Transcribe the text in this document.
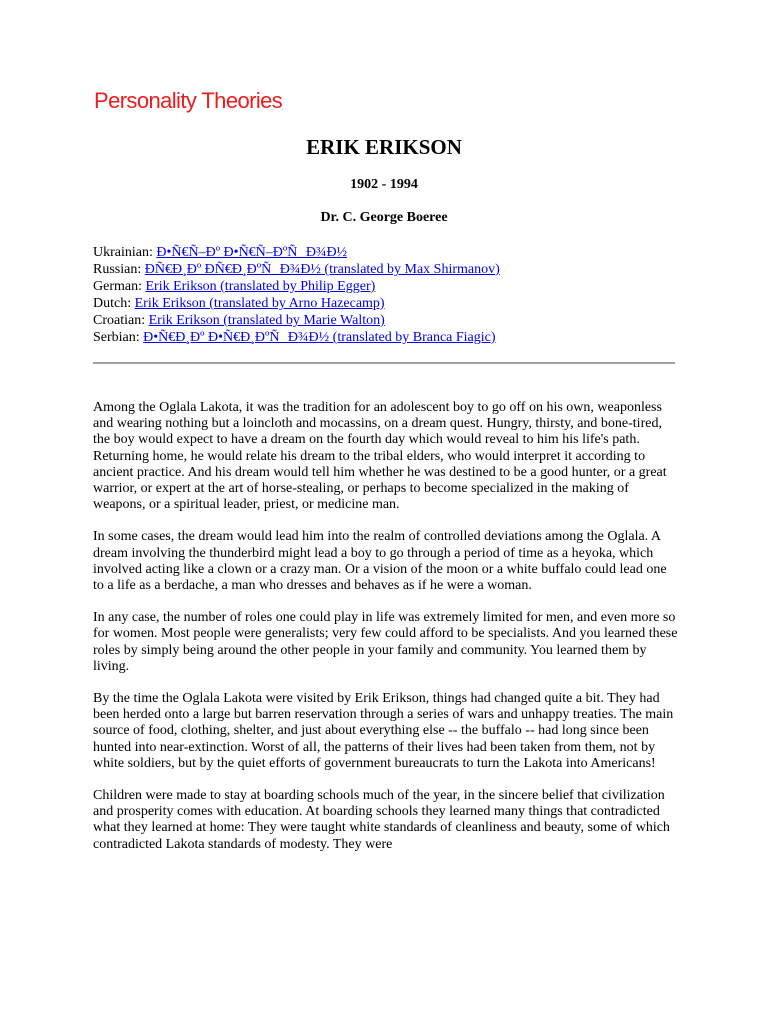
Personality Theories
ERIK ERIKSON
1902 - 1994
Dr. C. George Boeree
Ukrainian: Ð•Ñ€Ñ–Ðº Ð•Ñ€Ñ–ÐºÑÐ¾Ð½
Russian: ÐÑ€Ð¸Ðº ÐÑ€Ð¸ÐºÑÐ¾Ð½ (translated by Max Shirmanov)
German: Erik Erikson (translated by Philip Egger)
Dutch: Erik Erikson (translated by Arno Hazecamp)
Croatian: Erik Erikson (translated by Marie Walton)
Serbian: Ð•Ñ€Ð¸Ðº Ð•Ñ€Ð¸ÐºÑÐ¾Ð½ (translated by Branca Fiagic)

Among the Oglala Lakota, it was the tradition for an adolescent boy to go off on his own, weaponless and wearing nothing but a loincloth and mocassins, on a dream quest. Hungry, thirsty, and bone-tired, the boy would expect to have a dream on the fourth day which would reveal to him his life's path. Returning home, he would relate his dream to the tribal elders, who would interpret it according to ancient practice. And his dream would tell him whether he was destined to be a good hunter, or a great warrior, or expert at the art of horse-stealing, or perhaps to become specialized in the making of weapons, or a spiritual leader, priest, or medicine man.

In some cases, the dream would lead him into the realm of controlled deviations among the Oglala. A dream involving the thunderbird might lead a boy to go through a period of time as a heyoka, which involved acting like a clown or a crazy man. Or a vision of the moon or a white buffalo could lead one to a life as a berdache, a man who dresses and behaves as if he were a woman.

In any case, the number of roles one could play in life was extremely limited for men, and even more so for women. Most people were generalists; very few could afford to be specialists. And you learned these roles by simply being around the other people in your family and community. You learned them by living.

By the time the Oglala Lakota were visited by Erik Erikson, things had changed quite a bit. They had been herded onto a large but barren reservation through a series of wars and unhappy treaties. The main source of food, clothing, shelter, and just about everything else -- the buffalo -- had long since been hunted into near-extinction. Worst of all, the patterns of their lives had been taken from them, not by white soldiers, but by the quiet efforts of government bureaucrats to turn the Lakota into Americans!

Children were made to stay at boarding schools much of the year, in the sincere belief that civilization and prosperity comes with education. At boarding schools they learned many things that contradicted what they learned at home: They were taught white standards of cleanliness and beauty, some of which contradicted Lakota standards of modesty. They were
